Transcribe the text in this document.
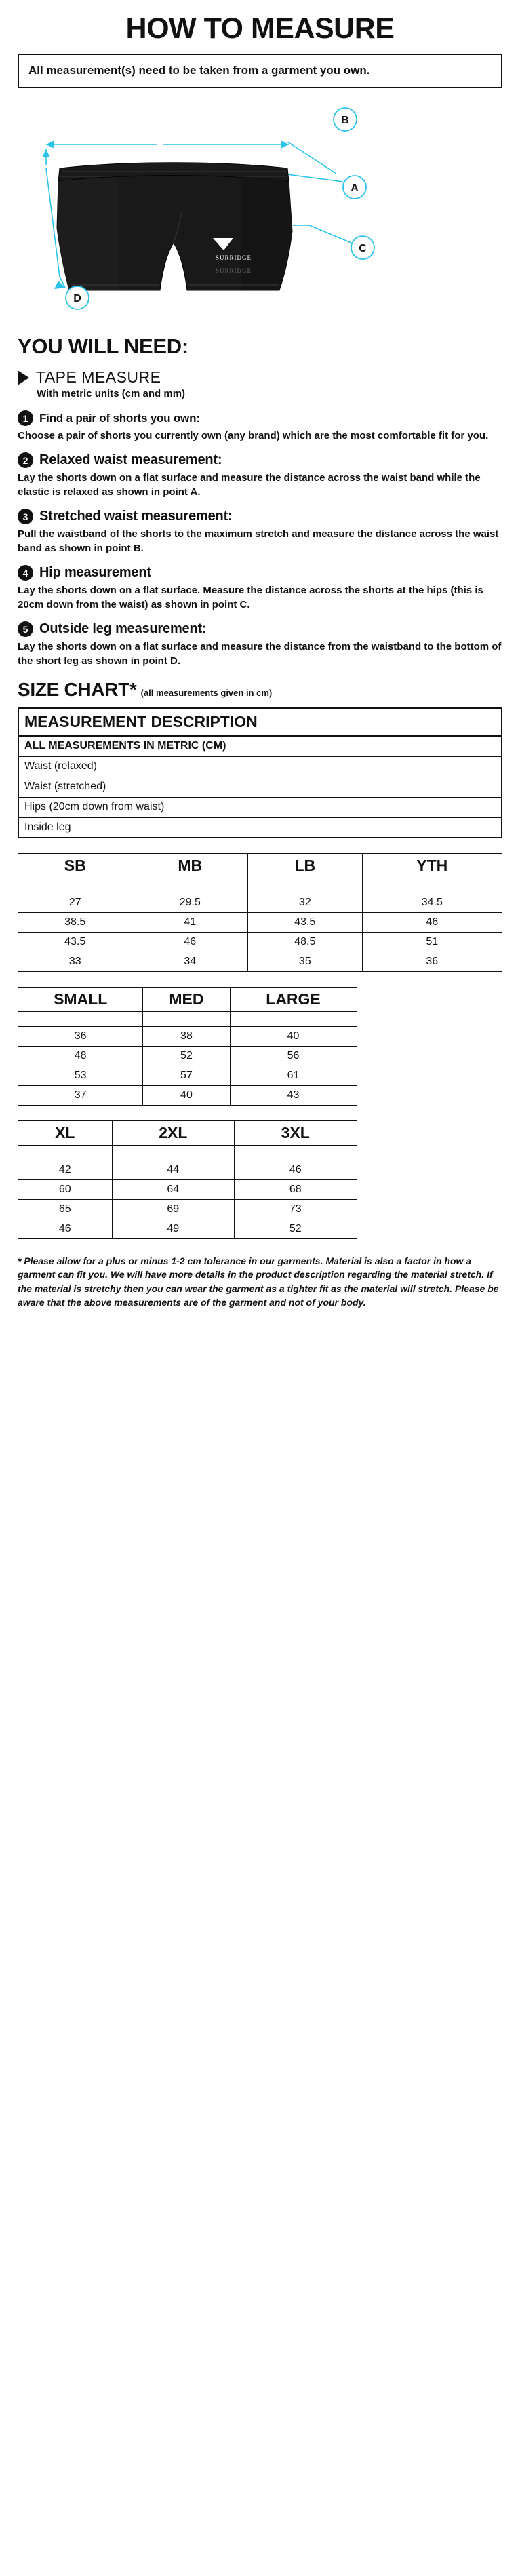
HOW TO MEASURE
All measurement(s) need to be taken from a garment you own.
SURRIDGE
SURRIDGE
B
A
C
D
YOU WILL NEED:
TAPE MEASURE
With metric units (cm and mm)
1 Find a pair of shorts you own:
Choose a pair of shorts you currently own (any brand) which are the most comfortable fit for you.
2 Relaxed waist measurement:
Lay the shorts down on a flat surface and measure the distance across the waist band while the elastic is relaxed as shown in point A.
3 Stretched waist measurement:
Pull the waistband of the shorts to the maximum stretch and measure the distance across the waist band as shown in point B.
4 Hip measurement
Lay the shorts down on a flat surface. Measure the distance across the shorts at the hips (this is 20cm down from the waist) as shown in point C.
5 Outside leg measurement:
Lay the shorts down on a flat surface and measure the distance from the waistband to the bottom of the short leg as shown in point D.
SIZE CHART* (all measurements given in cm)
MEASUREMENT DESCRIPTION
ALL MEASUREMENTS IN METRIC (CM)
Waist (relaxed)
Waist (stretched)
Hips (20cm down from waist)
Inside leg
SB	MB	LB	YTH

27	29.5	32	34.5
38.5	41	43.5	46
43.5	46	48.5	51
33	34	35	36
SMALL	MED	LARGE

36	38	40
48	52	56
53	57	61
37	40	43
XL	2XL	3XL

42	44	46
60	64	68
65	69	73
46	49	52
* Please allow for a plus or minus 1-2 cm tolerance in our garments. Material is also a factor in how a garment can fit you. We will have more details in the product description regarding the material stretch. If the material is stretchy then you can wear the garment as a tighter fit as the material will stretch. Please be aware that the above measurements are of the garment and not of your body.
